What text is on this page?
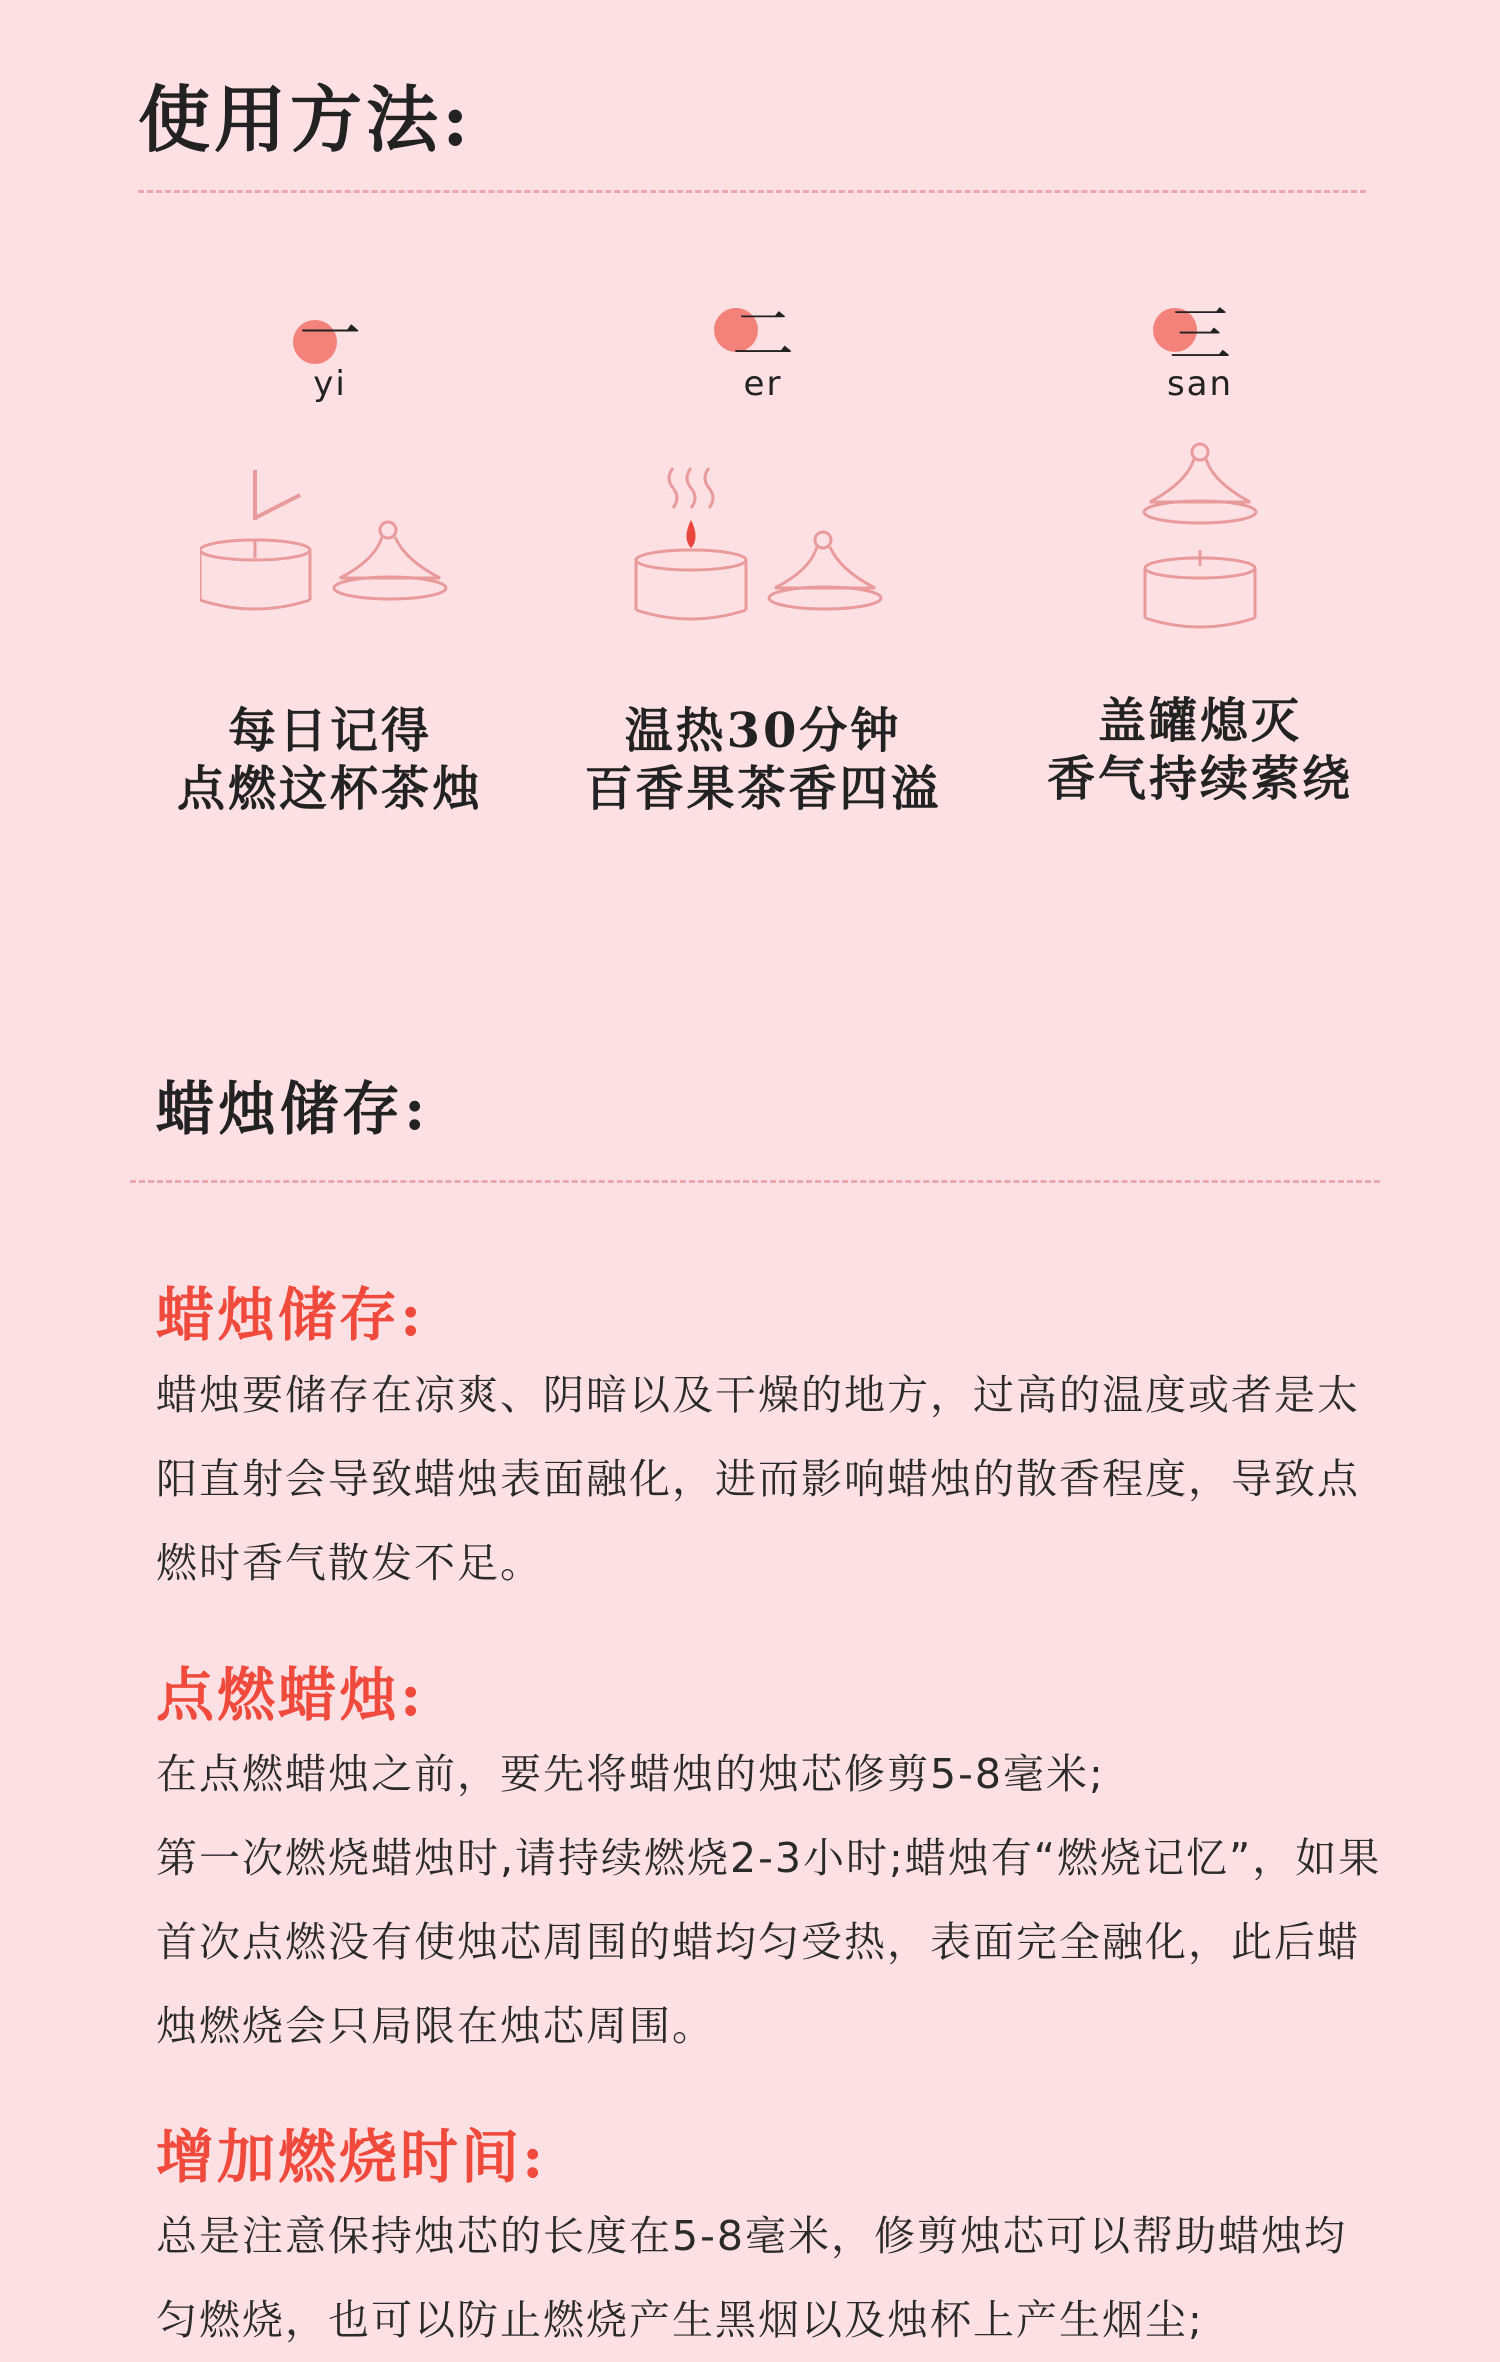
使用方法:
一
yi
每日记得
点燃这杯茶烛
二
er
温热30分钟
百香果茶香四溢
三
san
盖罐熄灭
香气持续萦绕
蜡烛储存:
蜡烛储存:
蜡烛要储存在凉爽、阴暗以及干燥的地方，过高的温度或者是太阳直射会导致蜡烛表面融化，进而影响蜡烛的散香程度，导致点燃时香气散发不足。
点燃蜡烛:
在点燃蜡烛之前，要先将蜡烛的烛芯修剪5-8毫米;
第一次燃烧蜡烛时,请持续燃烧2-3小时;蜡烛有“燃烧记忆”，如果首次点燃没有使烛芯周围的蜡均匀受热，表面完全融化，此后蜡烛燃烧会只局限在烛芯周围。
增加燃烧时间:
总是注意保持烛芯的长度在5-8毫米，修剪烛芯可以帮助蜡烛均匀燃烧，也可以防止燃烧产生黑烟以及烛杯上产生烟尘;
